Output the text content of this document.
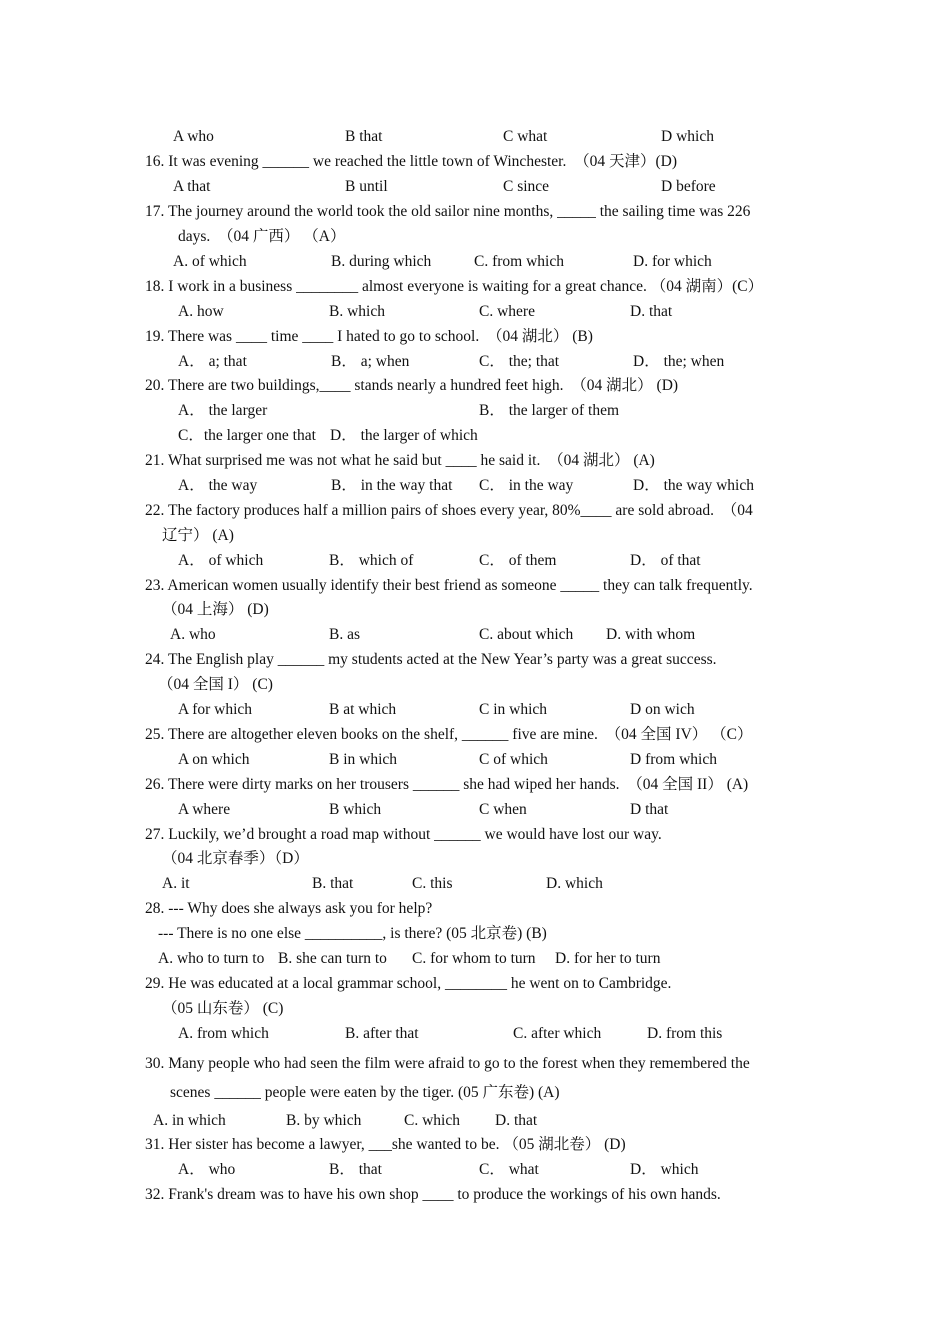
A who	B that	C what	D which
16. It was evening ______ we reached the little town of Winchester.  （04 天津）(D)
A that	B until	C since	D before
17. The journey around the world took the old sailor nine months, _____ the sailing time was 226
days.  （04 广西） （A）
A. of which	B. during which	C. from which	D. for which
18. I work in a business ________ almost everyone is waiting for a great chance. （04 湖南）(C）
A. how	B. which	C. where	D. that
19. There was ____ time ____ I hated to go to school.  （04 湖北） (B)
A． a; that	B． a; when	C． the; that	D． the; when
20. There are two buildings,____ stands nearly a hundred feet high.  （04 湖北） (D)
A． the larger	B． the larger of them
C．the larger one that D． the larger of which
21. What surprised me was not what he said but ____ he said it.  （04 湖北） (A)
A． the way	B． in the way that C． in the way	D． the way which
22. The factory produces half a million pairs of shoes every year, 80%____ are sold abroad.  （04
辽宁） (A)
A． of which	B． which of	C． of them	D． of that
23. American women usually identify their best friend as someone _____ they can talk frequently.
（04 上海） (D)
A. who	B. as	C. about which D. with whom
24. The English play ______ my students acted at the New Year’s party was a great success.
（04 全国 I） (C)
A for which	B at which	C in which	D on wich
25. There are altogether eleven books on the shelf, ______ five are mine.  （04 全国 IV） （C）
A on which	B in which	C of which	D from which
26. There were dirty marks on her trousers ______ she had wiped her hands.  （04 全国 II） (A)
A where	B which	C when	D that
27. Luckily, we’d brought a road map without ______ we would have lost our way.
（04 北京春季）（D）
A. it	B. that	C. this	D. which
28. --- Why does she always ask you for help?
--- There is no one else __________, is there? (05 北京卷) (B)
A. who to turn to B. she can turn to C. for whom to turn D. for her to turn
29. He was educated at a local grammar school, ________ he went on to Cambridge.
（05 山东卷） (C)
A. from which	B. after that	C. after which	D. from this
30. Many people who had seen the film were afraid to go to the forest when they remembered the
scenes ______ people were eaten by the tiger. (05 广东卷) (A)
A. in which	B. by which	C. which D. that
31. Her sister has become a lawyer, ___she wanted to be. （05 湖北卷） (D)
A． who	B． that	C． what	D． which
32. Frank's dream was to have his own shop ____ to produce the workings of his own hands.
